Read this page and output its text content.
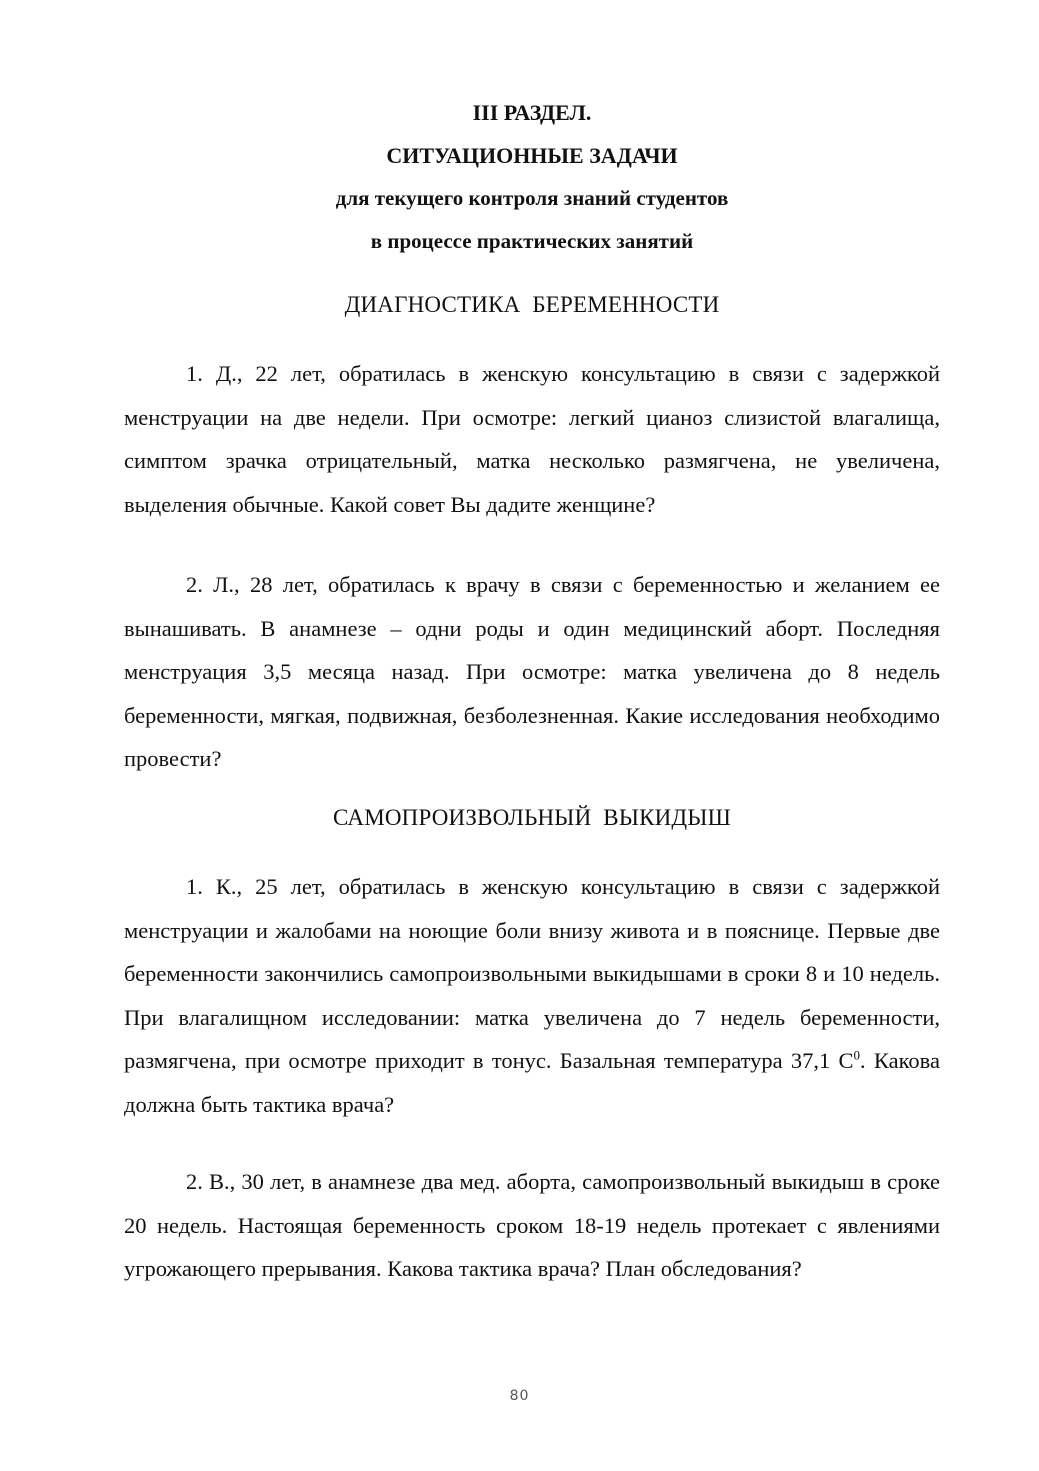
III РАЗДЕЛ.

СИТУАЦИОННЫЕ ЗАДАЧИ

для текущего контроля знаний студентов

в процессе практических занятий

ДИАГНОСТИКА  БЕРЕМЕННОСТИ

1. Д., 22 лет, обратилась в женскую консультацию в связи с задержкой менструации на две недели. При осмотре: легкий цианоз слизистой влагалища, симптом зрачка отрицательный, матка несколько размягчена, не увеличена, выделения обычные. Какой совет Вы дадите женщине?

2. Л., 28 лет, обратилась к врачу в связи с беременностью и желанием ее вынашивать. В анамнезе – одни роды и один медицинский аборт. Последняя менструация 3,5 месяца назад. При осмотре: матка увеличена до 8 недель беременности, мягкая, подвижная, безболезненная. Какие исследования необходимо провести?

САМОПРОИЗВОЛЬНЫЙ  ВЫКИДЫШ

1. К., 25 лет, обратилась в женскую консультацию в связи с задержкой менструации и жалобами на ноющие боли внизу живота и в пояснице. Первые две беременности закончились самопроизвольными выкидышами в сроки 8 и 10 недель. При влагалищном исследовании: матка увеличена до 7 недель беременности, размягчена, при осмотре приходит в тонус. Базальная температура 37,1 $С^0$. Какова должна быть тактика врача?

2. В., 30 лет, в анамнезе два мед. аборта, самопроизвольный выкидыш в сроке 20 недель. Настоящая беременность сроком 18-19 недель протекает с явлениями угрожающего прерывания. Какова тактика врача? План обследования?

80
